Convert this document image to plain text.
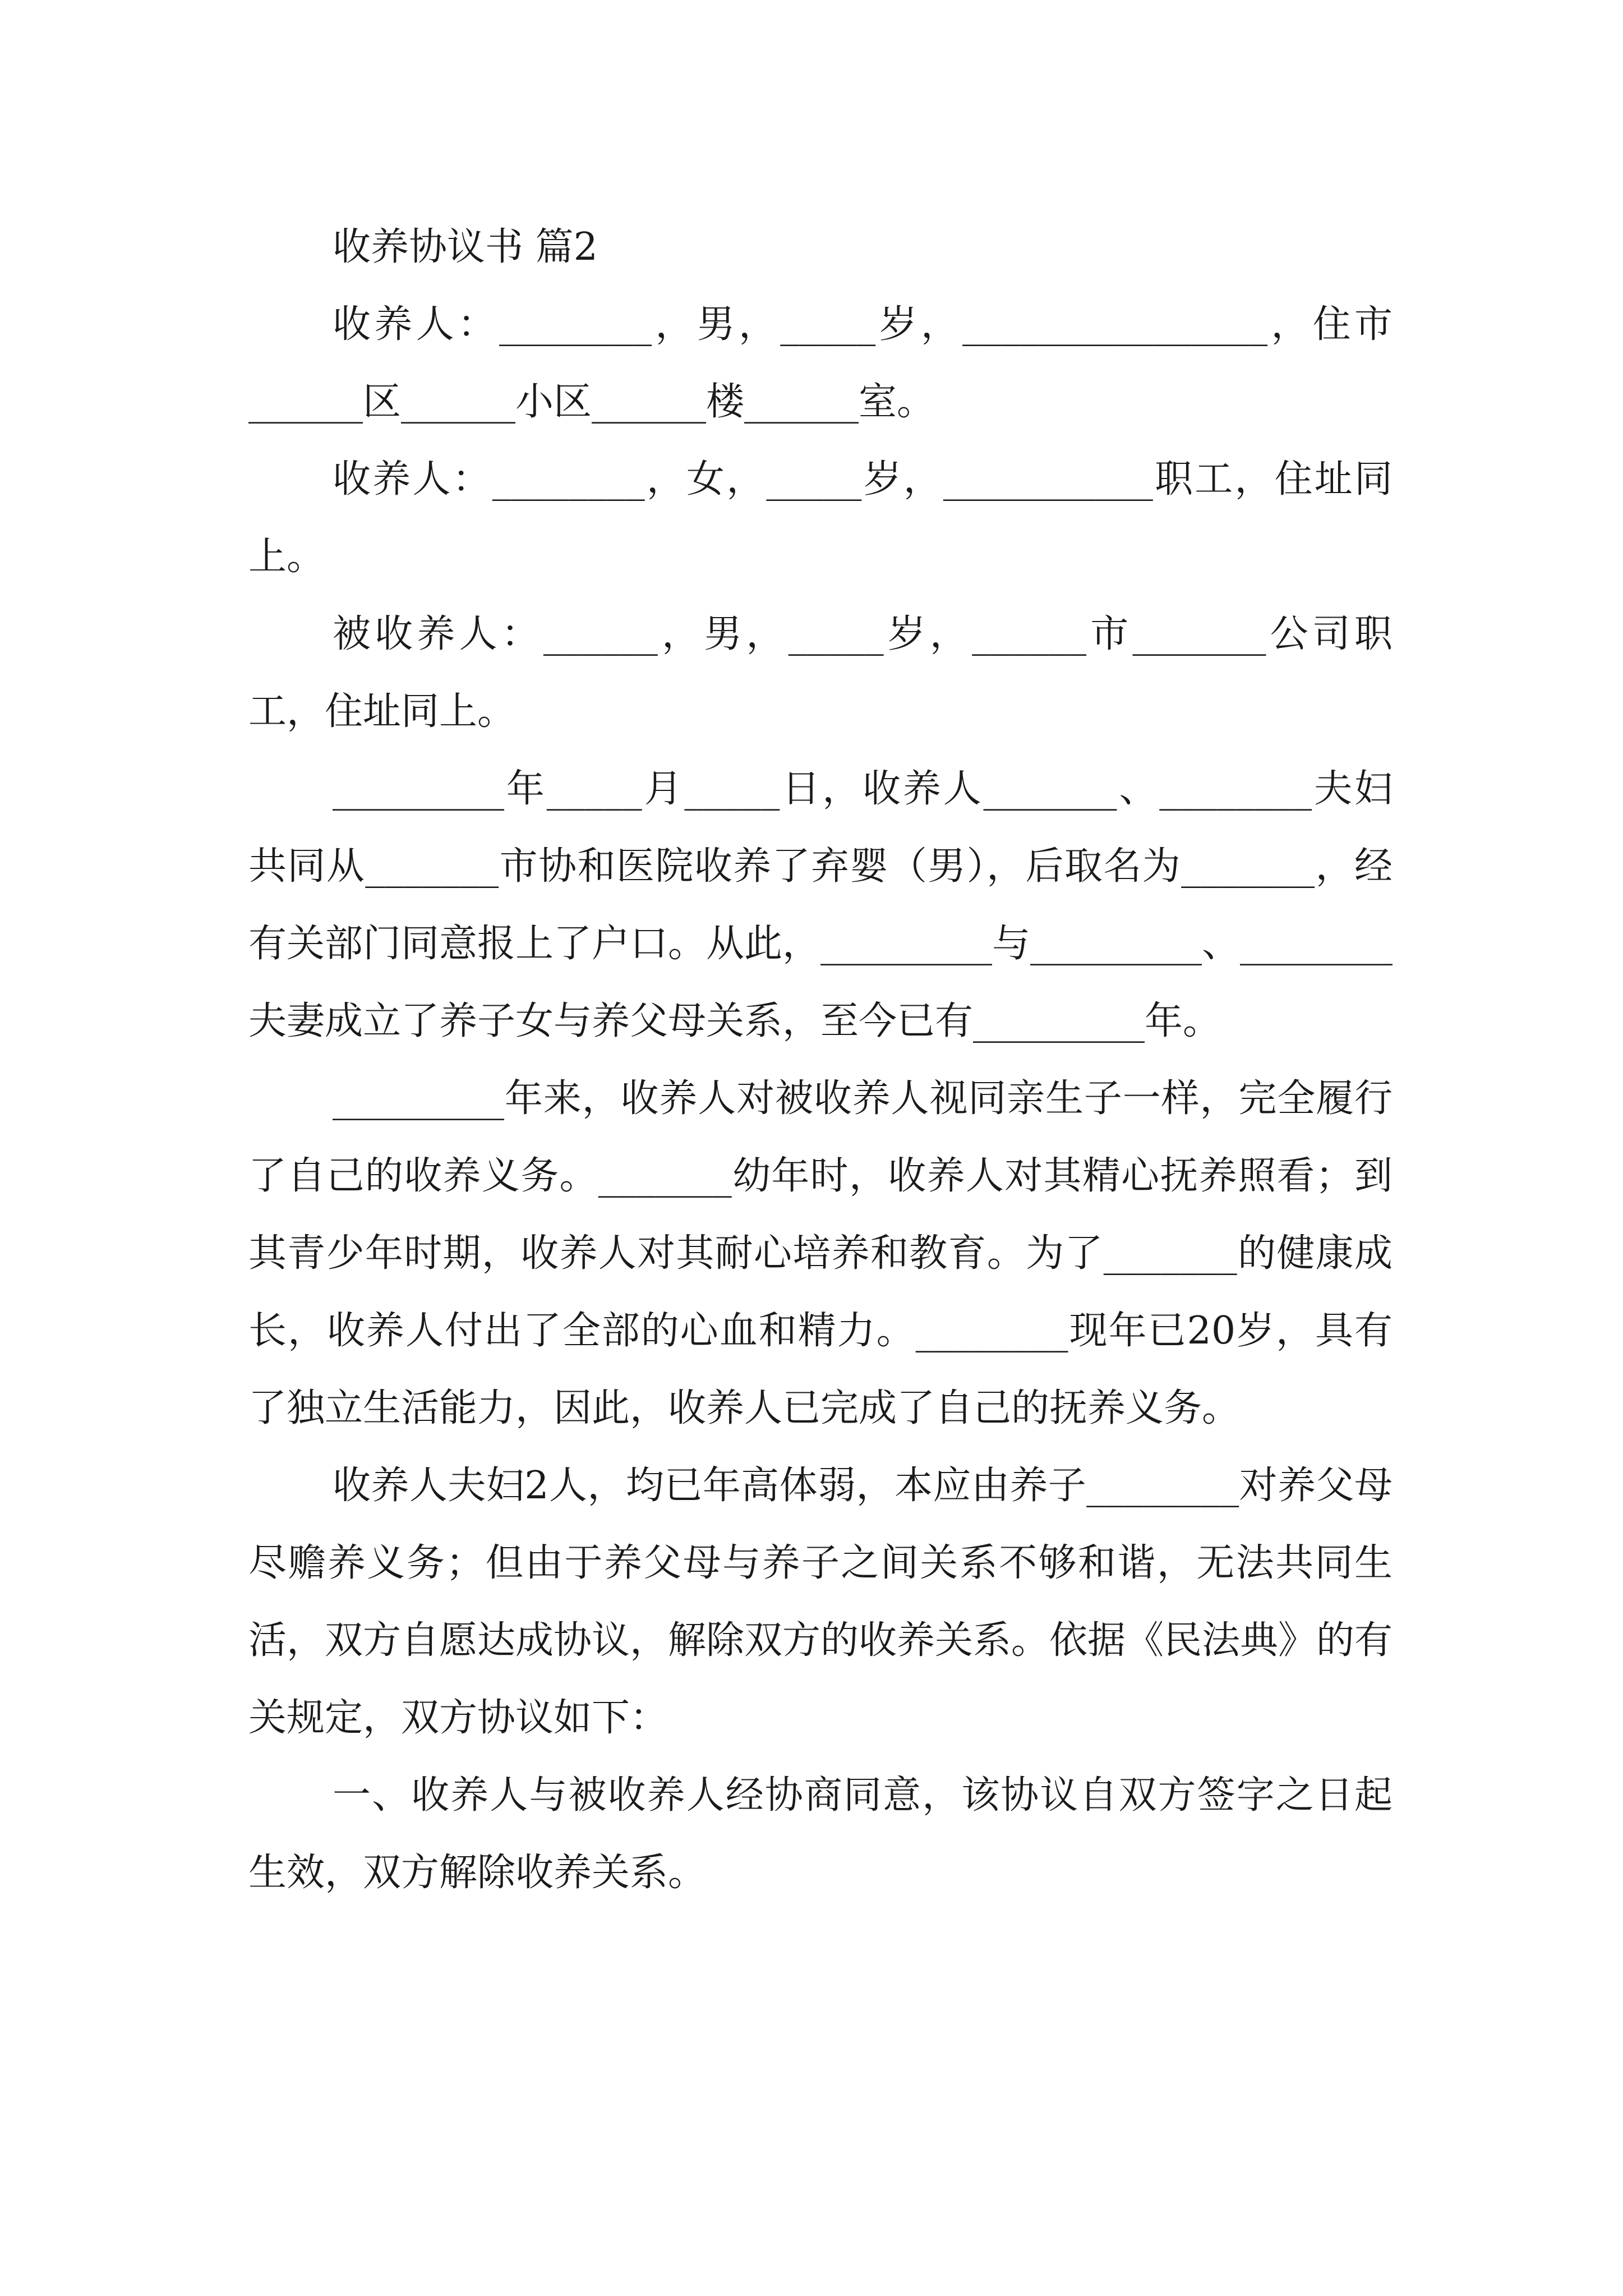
收养协议书 篇2

收养人：________，男，_____岁，________________，住市______区______小区______楼______室。

收养人：________，女，_____岁，___________职工，住址同上。

被收养人：______，男，_____岁，______市_______公司职工，住址同上。

_________年_____月_____日，收养人_______、________夫妇共同从_______市协和医院收养了弃婴（男），后取名为_______，经有关部门同意报上了户口。从此，_________与_________、________夫妻成立了养子女与养父母关系，至今已有_________年。

_________年来，收养人对被收养人视同亲生子一样，完全履行了自己的收养义务。_______幼年时，收养人对其精心抚养照看；到其青少年时期，收养人对其耐心培养和教育。为了_______的健康成长，收养人付出了全部的心血和精力。________现年已20岁，具有了独立生活能力，因此，收养人已完成了自己的抚养义务。

收养人夫妇2人，均已年高体弱，本应由养子________对养父母尽赡养义务；但由于养父母与养子之间关系不够和谐，无法共同生活，双方自愿达成协议，解除双方的收养关系。依据《民法典》的有关规定，双方协议如下：

一、收养人与被收养人经协商同意，该协议自双方签字之日起生效，双方解除收养关系。
